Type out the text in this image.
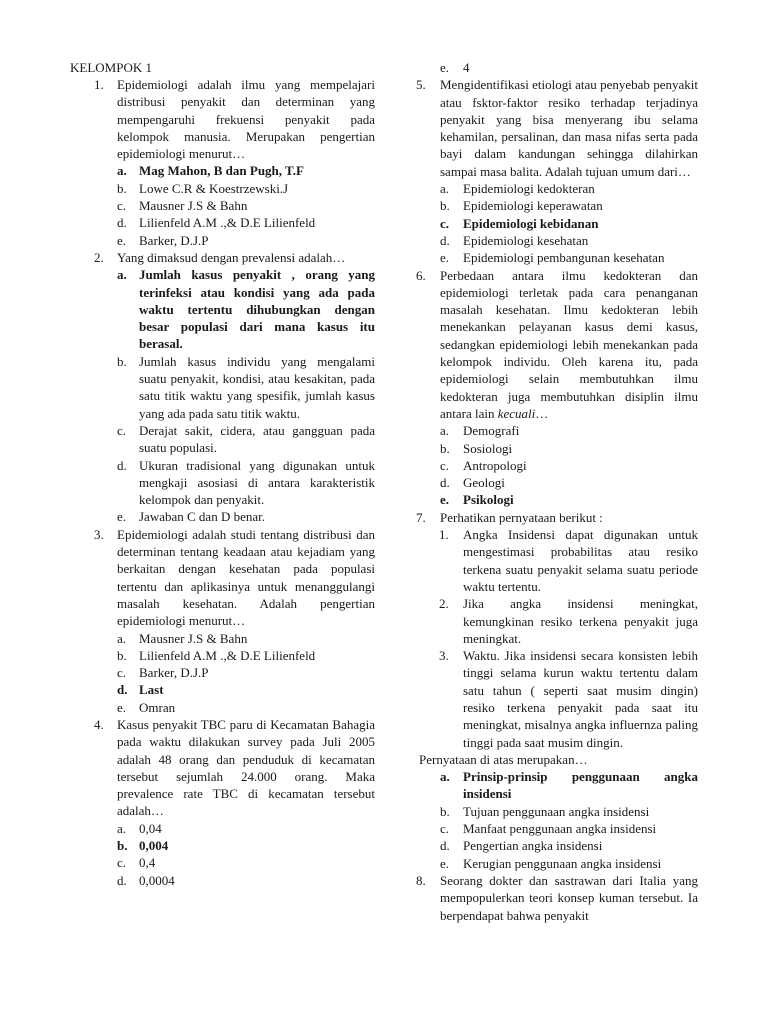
KELOMPOK 1
1. Epidemiologi adalah ilmu yang mempelajari distribusi penyakit dan determinan yang mempengaruhi frekuensi penyakit pada kelompok manusia. Merupakan pengertian epidemiologi menurut…
a. Mag Mahon, B dan Pugh, T.F
b. Lowe C.R & Koestrzewski.J
c. Mausner J.S & Bahn
d. Lilienfeld A.M .,& D.E Lilienfeld
e. Barker, D.J.P
2. Yang dimaksud dengan prevalensi adalah…
a. Jumlah kasus penyakit , orang yang terinfeksi atau kondisi yang ada pada waktu tertentu dihubungkan dengan besar populasi dari mana kasus itu berasal.
b. Jumlah kasus individu yang mengalami suatu penyakit, kondisi, atau kesakitan, pada satu titik waktu yang spesifik, jumlah kasus yang ada pada satu titik waktu.
c. Derajat sakit, cidera, atau gangguan pada suatu populasi.
d. Ukuran tradisional yang digunakan untuk mengkaji asosiasi di antara karakteristik kelompok dan penyakit.
e. Jawaban C dan D benar.
3. Epidemiologi adalah studi tentang distribusi dan determinan tentang keadaan atau kejadiam yang berkaitan dengan kesehatan pada populasi tertentu dan aplikasinya untuk menanggulangi masalah kesehatan. Adalah pengertian epidemiologi menurut…
a. Mausner J.S & Bahn
b. Lilienfeld A.M .,& D.E Lilienfeld
c. Barker, D.J.P
d. Last
e. Omran
4. Kasus penyakit TBC paru di Kecamatan Bahagia pada waktu dilakukan survey pada Juli 2005 adalah 48 orang dan penduduk di kecamatan tersebut sejumlah 24.000 orang. Maka prevalence rate TBC di kecamatan tersebut adalah…
a. 0,04
b. 0,004
c. 0,4
d. 0,0004
e. 4
5. Mengidentifikasi etiologi atau penyebab penyakit atau fsktor-faktor resiko terhadap terjadinya penyakit yang bisa menyerang ibu selama kehamilan, persalinan, dan masa nifas serta pada bayi dalam kandungan sehingga dilahirkan sampai masa balita. Adalah tujuan umum dari…
a. Epidemiologi kedokteran
b. Epidemiologi keperawatan
c. Epidemiologi kebidanan
d. Epidemiologi kesehatan
e. Epidemiologi pembangunan kesehatan
6. Perbedaan antara ilmu kedokteran dan epidemiologi terletak pada cara penanganan masalah kesehatan. Ilmu kedokteran lebih menekankan pelayanan kasus demi kasus, sedangkan epidemiologi lebih menekankan pada kelompok individu. Oleh karena itu, pada epidemiologi selain membutuhkan ilmu kedokteran juga membutuhkan disiplin ilmu antara lain kecuali…
a. Demografi
b. Sosiologi
c. Antropologi
d. Geologi
e. Psikologi
7. Perhatikan pernyataan berikut :
1. Angka Insidensi dapat digunakan untuk mengestimasi probabilitas atau resiko terkena suatu penyakit selama suatu periode waktu tertentu.
2. Jika angka insidensi meningkat, kemungkinan resiko terkena penyakit juga meningkat.
3. Waktu. Jika insidensi secara konsisten lebih tinggi selama kurun waktu tertentu dalam satu tahun ( seperti saat musim dingin) resiko terkena penyakit pada saat itu meningkat, misalnya angka influernza paling tinggi pada saat musim dingin.
Pernyataan di atas merupakan…
a. Prinsip-prinsip penggunaan angka insidensi
b. Tujuan penggunaan angka insidensi
c. Manfaat penggunaan angka insidensi
d. Pengertian angka insidensi
e. Kerugian penggunaan angka insidensi
8. Seorang dokter dan sastrawan dari Italia yang mempopulerkan teori konsep kuman tersebut. Ia berpendapat bahwa penyakit
